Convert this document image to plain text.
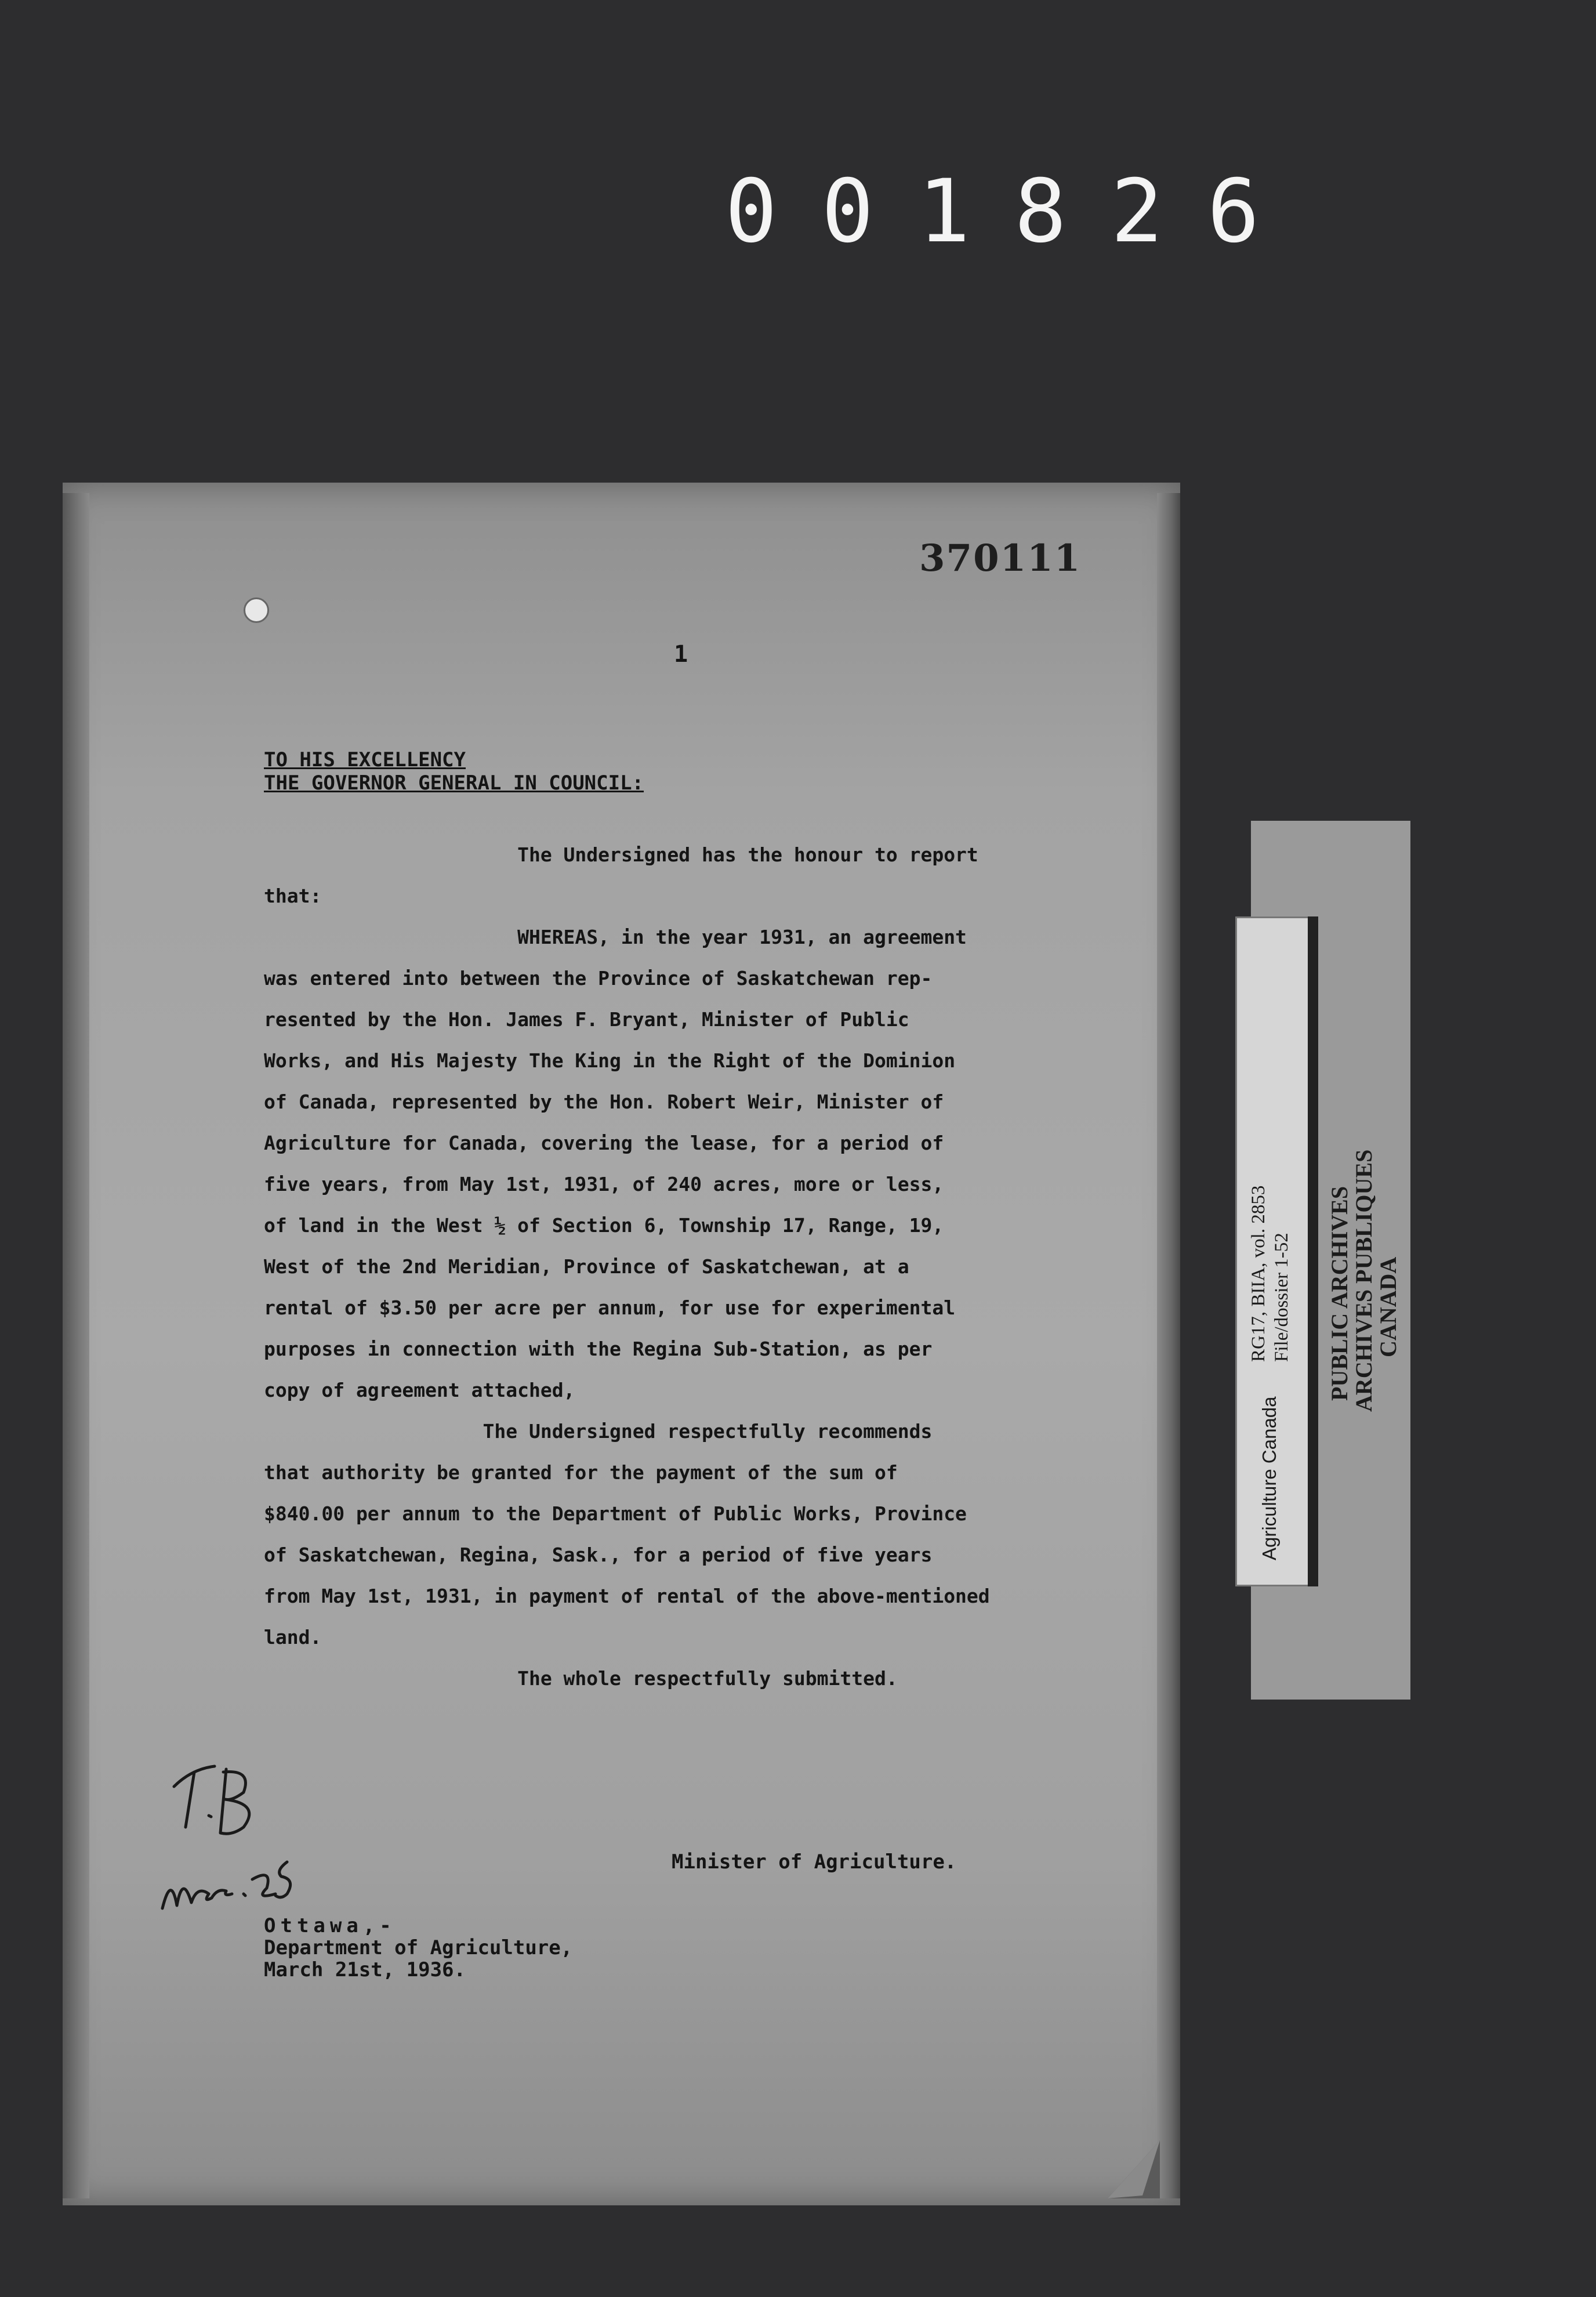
001826
370111
1
TO HIS EXCELLENCY
THE GOVERNOR GENERAL IN COUNCIL:
The Undersigned has the honour to report
that:
WHEREAS, in the year 1931, an agreement
was entered into between the Province of Saskatchewan rep-
resented by the Hon. James F. Bryant, Minister of Public
Works, and His Majesty The King in the Right of the Dominion
of Canada, represented by the Hon. Robert Weir, Minister of
Agriculture for Canada, covering the lease, for a period of
five years, from May 1st, 1931, of 240 acres, more or less,
of land in the West ½ of Section 6, Township 17, Range, 19,
West of the 2nd Meridian, Province of Saskatchewan, at a
rental of $3.50 per acre per annum, for use for experimental
purposes in connection with the Regina Sub-Station, as per
copy of agreement attached,
The Undersigned respectfully recommends
that authority be granted for the payment of the sum of
$840.00 per annum to the Department of Public Works, Province
of Saskatchewan, Regina, Sask., for a period of five years
from May 1st, 1931, in payment of rental of the above-mentioned
land.
The whole respectfully submitted.
Minister of Agriculture.
Ottawa,-
Department of Agriculture,
March 21st, 1936.
Agriculture Canada
RG17, BIIA, vol. 2853 File/dossier 1-52 PUBLIC ARCHIVES
ARCHIVES PUBLIQUES
CANADA
